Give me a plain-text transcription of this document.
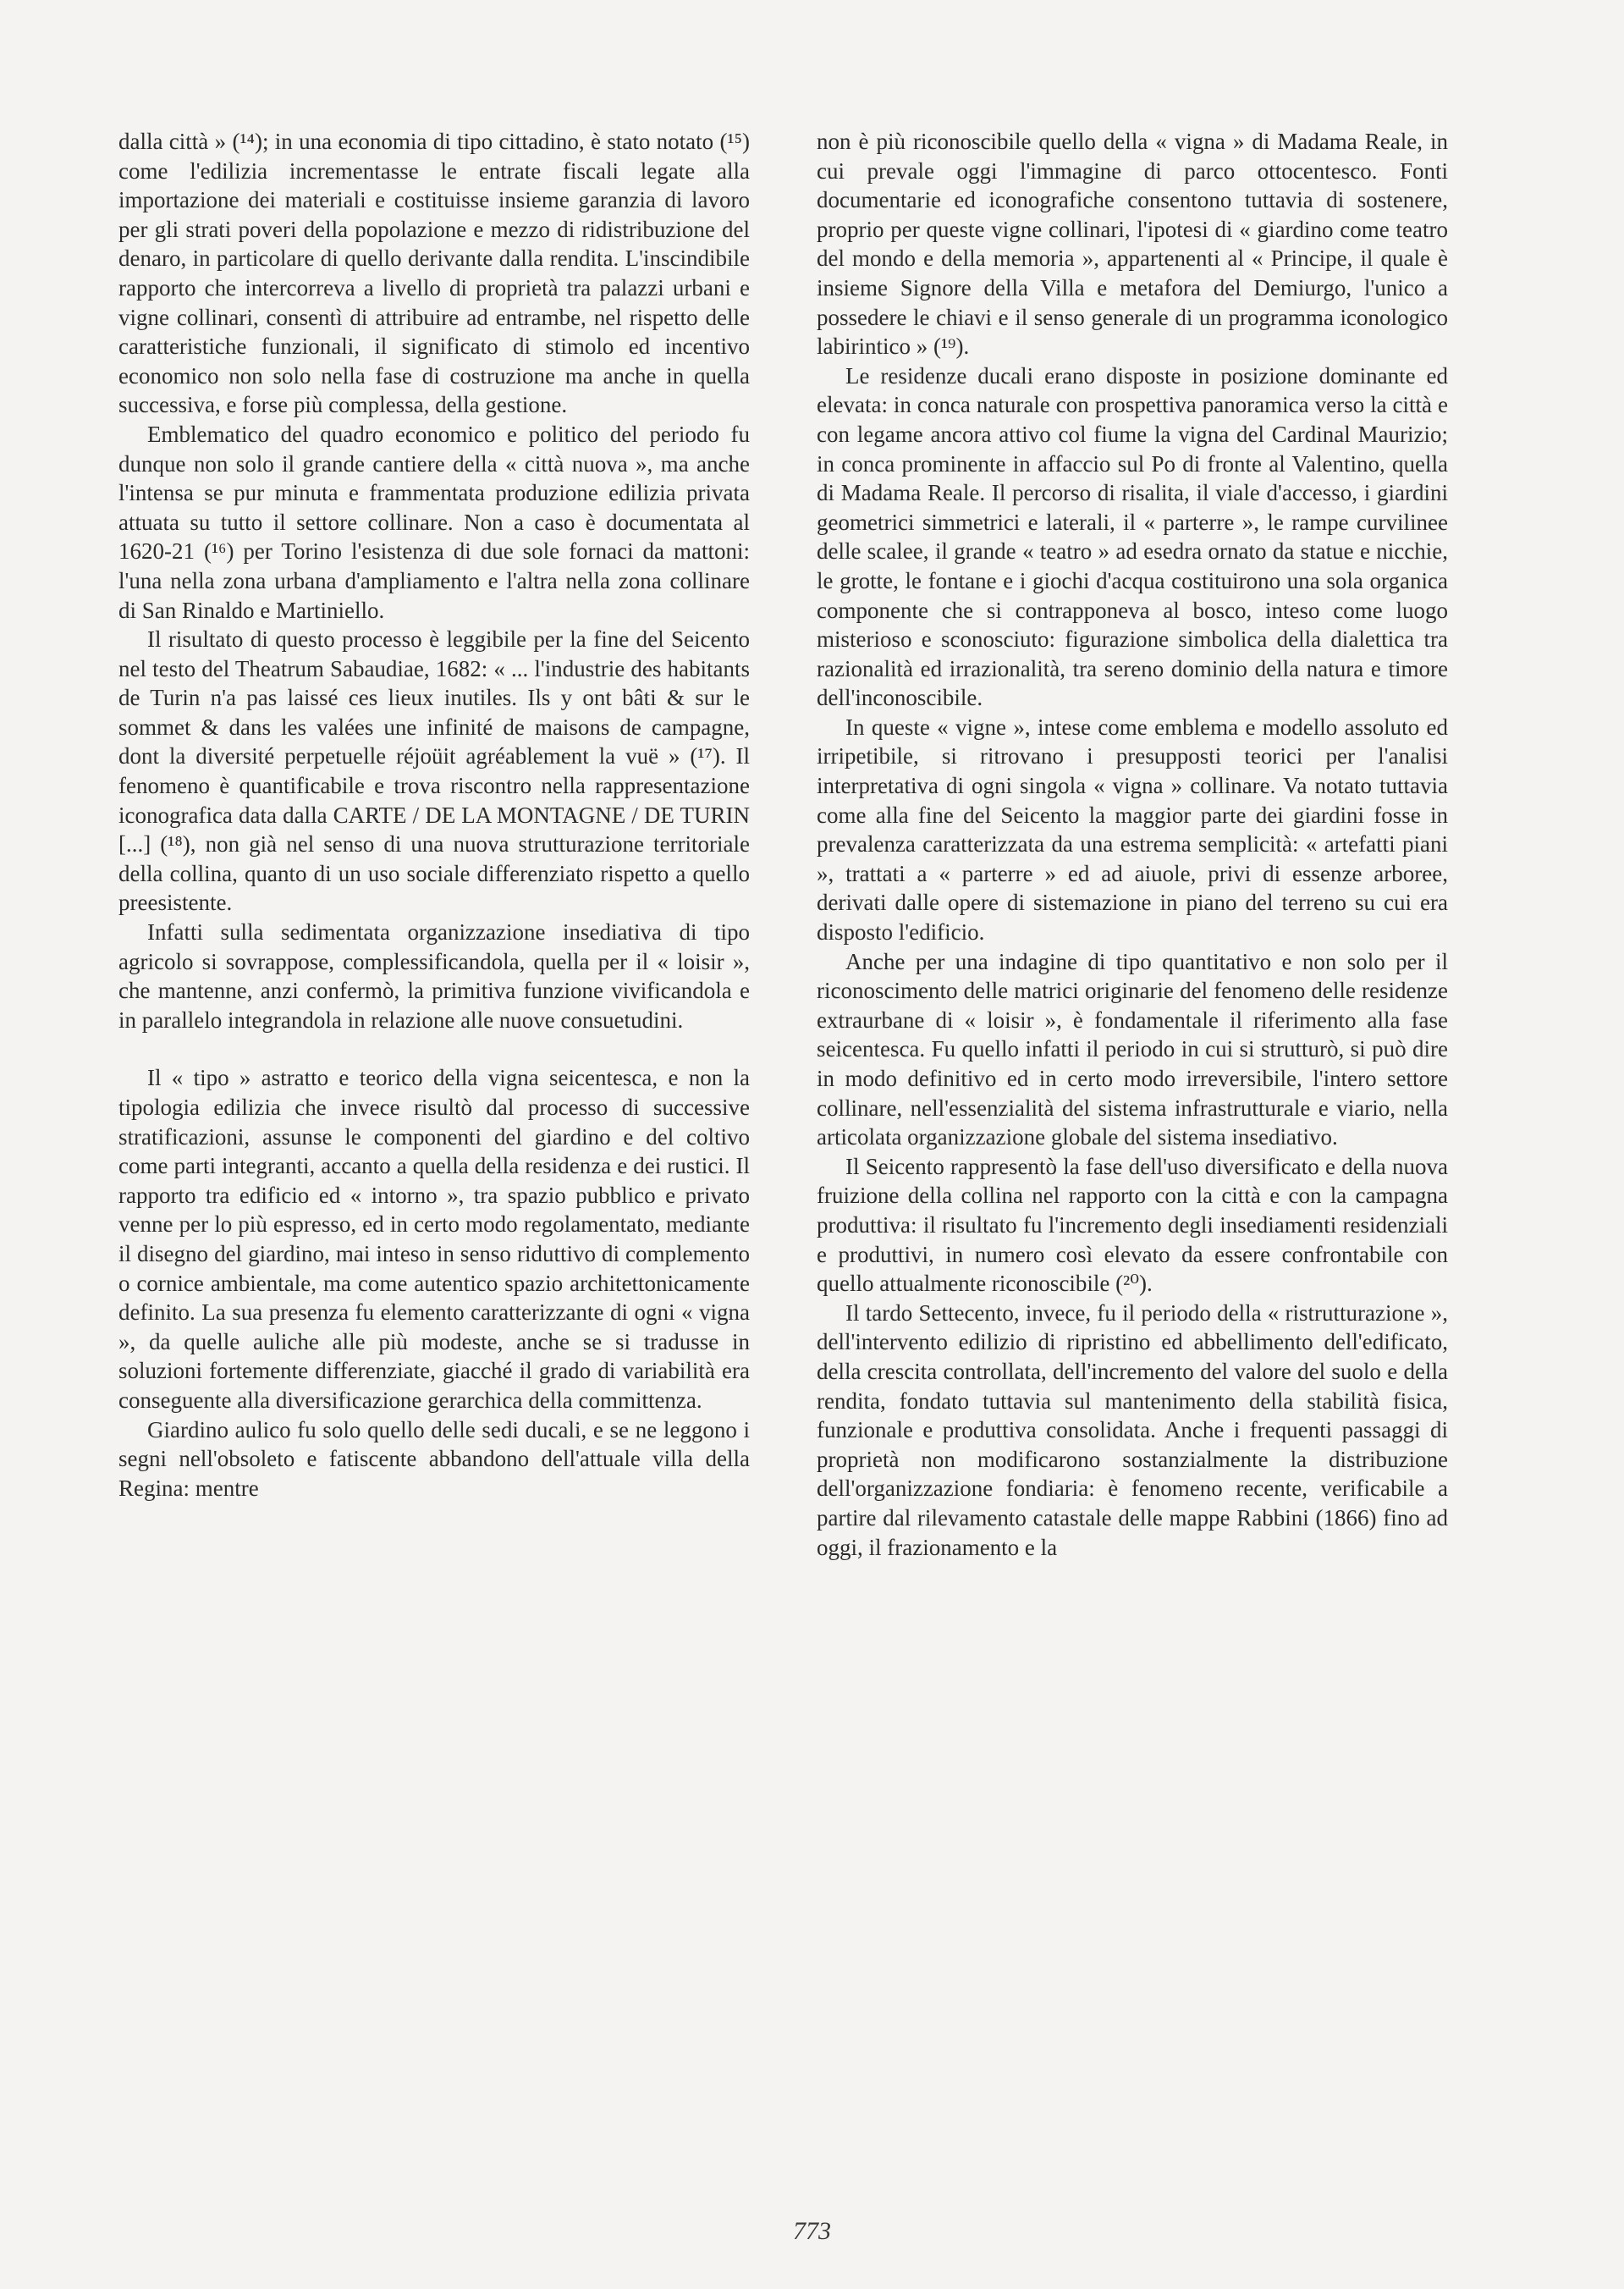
dalla città » (¹⁴); in una economia di tipo cittadino, è stato notato (¹⁵) come l'edilizia incrementasse le entrate fiscali legate alla importazione dei materiali e costituisse insieme garanzia di lavoro per gli strati poveri della popolazione e mezzo di ridistribuzione del denaro, in particolare di quello derivante dalla rendita. L'inscindibile rapporto che intercorreva a livello di proprietà tra palazzi urbani e vigne collinari, consentì di attribuire ad entrambe, nel rispetto delle caratteristiche funzionali, il significato di stimolo ed incentivo economico non solo nella fase di costruzione ma anche in quella successiva, e forse più complessa, della gestione.

Emblematico del quadro economico e politico del periodo fu dunque non solo il grande cantiere della « città nuova », ma anche l'intensa se pur minuta e frammentata produzione edilizia privata attuata su tutto il settore collinare. Non a caso è documentata al 1620-21 (¹⁶) per Torino l'esistenza di due sole fornaci da mattoni: l'una nella zona urbana d'ampliamento e l'altra nella zona collinare di San Rinaldo e Martiniello.

Il risultato di questo processo è leggibile per la fine del Seicento nel testo del Theatrum Sabaudiae, 1682: « ... l'industrie des habitants de Turin n'a pas laissé ces lieux inutiles. Ils y ont bâti & sur le sommet & dans les valées une infinité de maisons de campagne, dont la diversité perpetuelle réjoüit agréablement la vuë » (¹⁷). Il fenomeno è quantificabile e trova riscontro nella rappresentazione iconografica data dalla CARTE / DE LA MONTAGNE / DE TURIN [...] (¹⁸), non già nel senso di una nuova strutturazione territoriale della collina, quanto di un uso sociale differenziato rispetto a quello preesistente.

Infatti sulla sedimentata organizzazione insediativa di tipo agricolo si sovrappose, complessificandola, quella per il « loisir », che mantenne, anzi confermò, la primitiva funzione vivificandola e in parallelo integrandola in relazione alle nuove consuetudini.

Il « tipo » astratto e teorico della vigna seicentesca, e non la tipologia edilizia che invece risultò dal processo di successive stratificazioni, assunse le componenti del giardino e del coltivo come parti integranti, accanto a quella della residenza e dei rustici. Il rapporto tra edificio ed « intorno », tra spazio pubblico e privato venne per lo più espresso, ed in certo modo regolamentato, mediante il disegno del giardino, mai inteso in senso riduttivo di complemento o cornice ambientale, ma come autentico spazio architettonicamente definito. La sua presenza fu elemento caratterizzante di ogni « vigna », da quelle auliche alle più modeste, anche se si tradusse in soluzioni fortemente differenziate, giacché il grado di variabilità era conseguente alla diversificazione gerarchica della committenza.

Giardino aulico fu solo quello delle sedi ducali, e se ne leggono i segni nell'obsoleto e fatiscente abbandono dell'attuale villa della Regina: mentre

non è più riconoscibile quello della « vigna » di Madama Reale, in cui prevale oggi l'immagine di parco ottocentesco. Fonti documentarie ed iconografiche consentono tuttavia di sostenere, proprio per queste vigne collinari, l'ipotesi di « giardino come teatro del mondo e della memoria », appartenenti al « Principe, il quale è insieme Signore della Villa e metafora del Demiurgo, l'unico a possedere le chiavi e il senso generale di un programma iconologico labirintico » (¹⁹).

Le residenze ducali erano disposte in posizione dominante ed elevata: in conca naturale con prospettiva panoramica verso la città e con legame ancora attivo col fiume la vigna del Cardinal Maurizio; in conca prominente in affaccio sul Po di fronte al Valentino, quella di Madama Reale. Il percorso di risalita, il viale d'accesso, i giardini geometrici simmetrici e laterali, il « parterre », le rampe curvilinee delle scalee, il grande « teatro » ad esedra ornato da statue e nicchie, le grotte, le fontane e i giochi d'acqua costituirono una sola organica componente che si contrapponeva al bosco, inteso come luogo misterioso e sconosciuto: figurazione simbolica della dialettica tra razionalità ed irrazionalità, tra sereno dominio della natura e timore dell'inconoscibile.

In queste « vigne », intese come emblema e modello assoluto ed irripetibile, si ritrovano i presupposti teorici per l'analisi interpretativa di ogni singola « vigna » collinare. Va notato tuttavia come alla fine del Seicento la maggior parte dei giardini fosse in prevalenza caratterizzata da una estrema semplicità: « artefatti piani », trattati a « parterre » ed ad aiuole, privi di essenze arboree, derivati dalle opere di sistemazione in piano del terreno su cui era disposto l'edificio.

Anche per una indagine di tipo quantitativo e non solo per il riconoscimento delle matrici originarie del fenomeno delle residenze extraurbane di « loisir », è fondamentale il riferimento alla fase seicentesca. Fu quello infatti il periodo in cui si strutturò, si può dire in modo definitivo ed in certo modo irreversibile, l'intero settore collinare, nell'essenzialità del sistema infrastrutturale e viario, nella articolata organizzazione globale del sistema insediativo.

Il Seicento rappresentò la fase dell'uso diversificato e della nuova fruizione della collina nel rapporto con la città e con la campagna produttiva: il risultato fu l'incremento degli insediamenti residenziali e produttivi, in numero così elevato da essere confrontabile con quello attualmente riconoscibile (²⁰).

Il tardo Settecento, invece, fu il periodo della « ristrutturazione », dell'intervento edilizio di ripristino ed abbellimento dell'edificato, della crescita controllata, dell'incremento del valore del suolo e della rendita, fondato tuttavia sul mantenimento della stabilità fisica, funzionale e produttiva consolidata. Anche i frequenti passaggi di proprietà non modificarono sostanzialmente la distribuzione dell'organizzazione fondiaria: è fenomeno recente, verificabile a partire dal rilevamento catastale delle mappe Rabbini (1866) fino ad oggi, il frazionamento e la

773
